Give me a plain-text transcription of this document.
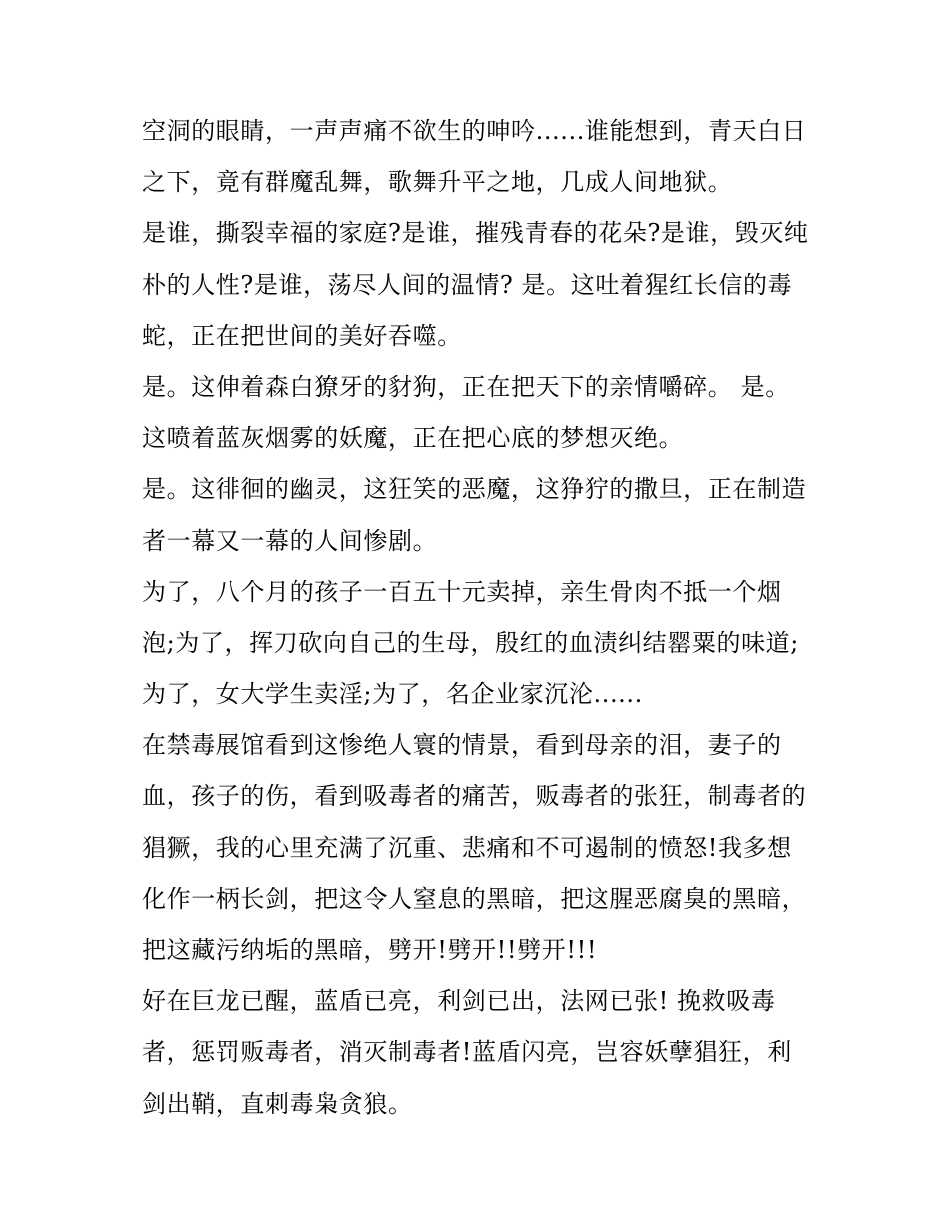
空洞的眼睛，一声声痛不欲生的呻吟......谁能想到，青天白日
之下，竟有群魔乱舞，歌舞升平之地，几成人间地狱。
是谁，撕裂幸福的家庭?是谁，摧残青春的花朵?是谁，毁灭纯
朴的人性?是谁，荡尽人间的温情? 是。这吐着猩红长信的毒
蛇，正在把世间的美好吞噬。
是。这伸着森白獠牙的豺狗，正在把天下的亲情嚼碎。 是。
这喷着蓝灰烟雾的妖魔，正在把心底的梦想灭绝。
是。这徘徊的幽灵，这狂笑的恶魔，这狰狞的撒旦，正在制造
者一幕又一幕的人间惨剧。
为了，八个月的孩子一百五十元卖掉，亲生骨肉不抵一个烟
泡;为了，挥刀砍向自己的生母，殷红的血渍纠结罂粟的味道;
为了，女大学生卖淫;为了，名企业家沉沦......
在禁毒展馆看到这惨绝人寰的情景，看到母亲的泪，妻子的
血，孩子的伤，看到吸毒者的痛苦，贩毒者的张狂，制毒者的
猖獗，我的心里充满了沉重、悲痛和不可遏制的愤怒!我多想
化作一柄长剑，把这令人窒息的黑暗，把这腥恶腐臭的黑暗，
把这藏污纳垢的黑暗，劈开!劈开!!劈开!!!
好在巨龙已醒，蓝盾已亮，利剑已出，法网已张! 挽救吸毒
者，惩罚贩毒者，消灭制毒者!蓝盾闪亮，岂容妖孽猖狂，利
剑出鞘，直刺毒枭贪狼。
